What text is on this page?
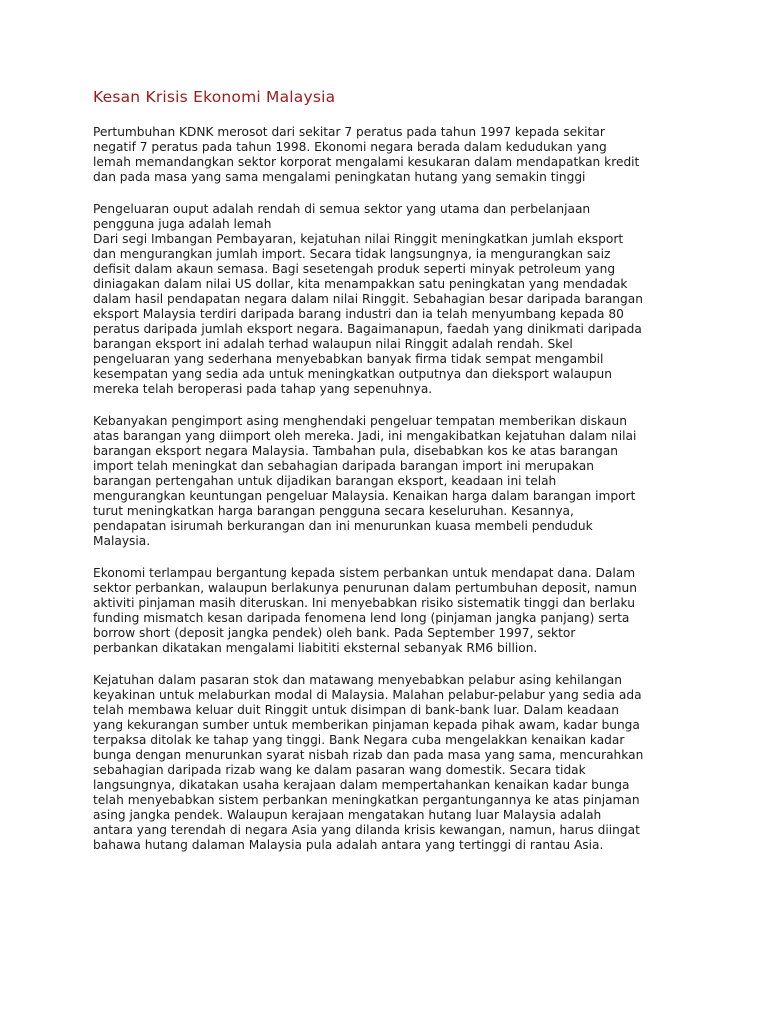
Kesan Krisis Ekonomi Malaysia

Pertumbuhan KDNK merosot dari sekitar 7 peratus pada tahun 1997 kepada sekitar
negatif 7 peratus pada tahun 1998. Ekonomi negara berada dalam kedudukan yang
lemah memandangkan sektor korporat mengalami kesukaran dalam mendapatkan kredit
dan pada masa yang sama mengalami peningkatan hutang yang semakin tinggi

Pengeluaran ouput adalah rendah di semua sektor yang utama dan perbelanjaan
pengguna juga adalah lemah
Dari segi Imbangan Pembayaran, kejatuhan nilai Ringgit meningkatkan jumlah eksport
dan mengurangkan jumlah import. Secara tidak langsungnya, ia mengurangkan saiz
defisit dalam akaun semasa. Bagi sesetengah produk seperti minyak petroleum yang
diniagakan dalam nilai US dollar, kita menampakkan satu peningkatan yang mendadak
dalam hasil pendapatan negara dalam nilai Ringgit. Sebahagian besar daripada barangan
eksport Malaysia terdiri daripada barang industri dan ia telah menyumbang kepada 80
peratus daripada jumlah eksport negara. Bagaimanapun, faedah yang dinikmati daripada
barangan eksport ini adalah terhad walaupun nilai Ringgit adalah rendah. Skel
pengeluaran yang sederhana menyebabkan banyak firma tidak sempat mengambil
kesempatan yang sedia ada untuk meningkatkan outputnya dan dieksport walaupun
mereka telah beroperasi pada tahap yang sepenuhnya.

Kebanyakan pengimport asing menghendaki pengeluar tempatan memberikan diskaun
atas barangan yang diimport oleh mereka. Jadi, ini mengakibatkan kejatuhan dalam nilai
barangan eksport negara Malaysia. Tambahan pula, disebabkan kos ke atas barangan
import telah meningkat dan sebahagian daripada barangan import ini merupakan
barangan pertengahan untuk dijadikan barangan eksport, keadaan ini telah
mengurangkan keuntungan pengeluar Malaysia. Kenaikan harga dalam barangan import
turut meningkatkan harga barangan pengguna secara keseluruhan. Kesannya,
pendapatan isirumah berkurangan dan ini menurunkan kuasa membeli penduduk
Malaysia.

Ekonomi terlampau bergantung kepada sistem perbankan untuk mendapat dana. Dalam
sektor perbankan, walaupun berlakunya penurunan dalam pertumbuhan deposit, namun
aktiviti pinjaman masih diteruskan. Ini menyebabkan risiko sistematik tinggi dan berlaku
funding mismatch kesan daripada fenomena lend long (pinjaman jangka panjang) serta
borrow short (deposit jangka pendek) oleh bank. Pada September 1997, sektor
perbankan dikatakan mengalami liabititi eksternal sebanyak RM6 billion.

Kejatuhan dalam pasaran stok dan matawang menyebabkan pelabur asing kehilangan
keyakinan untuk melaburkan modal di Malaysia. Malahan pelabur-pelabur yang sedia ada
telah membawa keluar duit Ringgit untuk disimpan di bank-bank luar. Dalam keadaan
yang kekurangan sumber untuk memberikan pinjaman kepada pihak awam, kadar bunga
terpaksa ditolak ke tahap yang tinggi. Bank Negara cuba mengelakkan kenaikan kadar
bunga dengan menurunkan syarat nisbah rizab dan pada masa yang sama, mencurahkan
sebahagian daripada rizab wang ke dalam pasaran wang domestik. Secara tidak
langsungnya, dikatakan usaha kerajaan dalam mempertahankan kenaikan kadar bunga
telah menyebabkan sistem perbankan meningkatkan pergantungannya ke atas pinjaman
asing jangka pendek. Walaupun kerajaan mengatakan hutang luar Malaysia adalah
antara yang terendah di negara Asia yang dilanda krisis kewangan, namun, harus diingat
bahawa hutang dalaman Malaysia pula adalah antara yang tertinggi di rantau Asia.
